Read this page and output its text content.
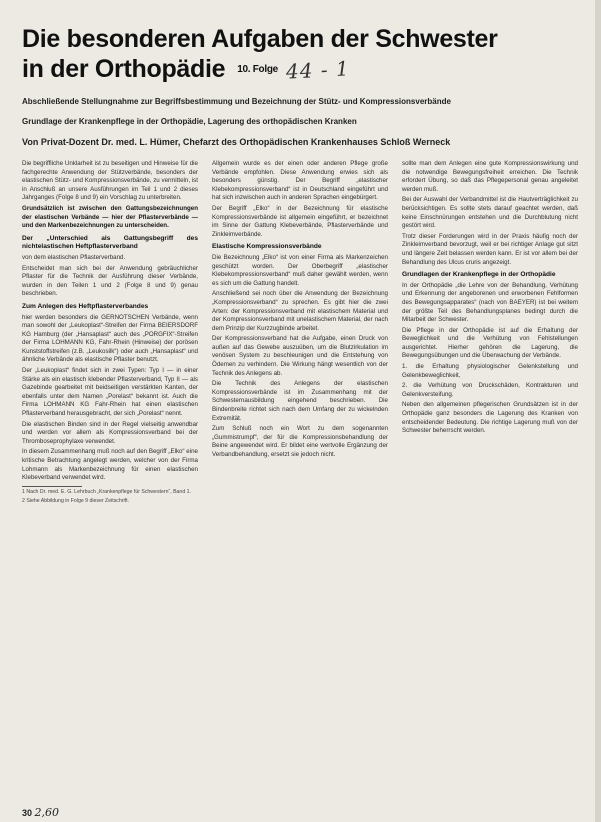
Die besonderen Aufgaben der Schwester
in der Orthopädie 10. Folge 44 - 1
Abschließende Stellungnahme zur Begriffsbestimmung und Bezeichnung der Stütz- und Kompressionsverbände
Grundlage der Krankenpflege in der Orthopädie, Lagerung des orthopädischen Kranken
Von Privat-Dozent Dr. med. L. Hümer, Chefarzt des Orthopädischen Krankenhauses Schloß Werneck

Die begriffliche Unklarheit ist zu beseitigen und Hinweise für die fachgerechte Anwendung der Stützverbände, besonders der elastischen Stütz- und Kompressionsverbände, zu vermitteln, ist in Anschluß an unsere Ausführungen im Teil 1 und 2 dieses Jahrganges (Folge 8 und 9) ein Vorschlag zu unterbreiten.

Grundsätzlich ist zwischen den Gattungsbezeichnungen der elastischen Verbände — hier der Pflasterverbände — und den Markenbezeichnungen zu unterscheiden.

Der „Unterschied als Gattungsbegriff des nichtelastischen Heftpflasterverband

von dem elastischen Pflasterverband.

Entscheidet man sich bei der Anwendung gebräuchlicher Pflaster für die Technik der Ausführung dieser Verbände, wurden in den Teilen 1 und 2 (Folge 8 und 9) genau beschrieben.

Zum Anlegen des Heftpflasterverbandes

hier werden besonders die GERNOTSCHEN Verbände, wenn man sowohl der „Leukoplast“-Streifen der Firma BEIERSDORF KG Hamburg (der „Hansaplast“ auch des „PORGFIX“-Streifen der Firma LOHMANN KG, Fahr-Rhein (Hinweise) der porösen Kunststoffstreifen (z.B. „Leukosilk“) oder auch „Hansaplast“ und ähnliche Verbände als elastische Pflaster benutzt.

Der „Leukoplast“ findet sich in zwei Typen: Typ I — in einer Stärke als ein elastisch klebender Pflasterverband, Typ II — als Gazebinde gearbeitet mit beidseitigen verstärkten Kanten, der ebenfalls unter dem Namen „Porelast“ bekannt ist. Auch die Firma LOHMANN KG Fahr-Rhein hat einen elastischen Pflasterverband herausgebracht, der sich „Porelast“ nennt.

Die elastischen Binden sind in der Regel vielseitig anwendbar und werden vor allem als Kompressionsverband bei der Thromboseprophylaxe verwendet.

In diesem Zusammenhang muß noch auf den Begriff „Elko“ eine kritische Betrachtung angelegt werden, welcher von der Firma Lohmann als Markenbezeichnung für einen elastischen Klebeverband verwendet wird.

1 Nach Dr. med. E. G. Lehrbuch „Krankenpflege für Schwestern“, Band 1.

2 Siehe Abbildung in Folge 9 dieser Zeitschrift.

Allgemein wurde es der einen oder anderen Pflege große Verbände empfohlen. Diese Anwendung erwies sich als besonders günstig. Der Begriff „elastischer Klebekompressionsverband“ ist in Deutschland eingeführt und hat sich inzwischen auch in anderen Sprachen eingebürgert.

Der Begriff „Elko“ in der Bezeichnung für elastische Kompressionsverbände ist allgemein eingeführt, er bezeichnet im Sinne der Gattung Klebeverbände, Pflasterverbände und Zinkleimverbände.

Elastische Kompressionsverbände

Die Bezeichnung „Elko“ ist von einer Firma als Markenzeichen geschützt worden. Der Oberbegriff „elastischer Klebekompressionsverband“ muß daher gewählt werden, wenn es sich um die Gattung handelt.

Anschließend sei noch über die Anwendung der Bezeichnung „Kompressionsverband“ zu sprechen. Es gibt hier die zwei Arten: der Kompressionsverband mit elastischem Material und der Kompressionsverband mit unelastischem Material, der nach dem Prinzip der Kurzzugbinde arbeitet.

Der Kompressionsverband hat die Aufgabe, einen Druck von außen auf das Gewebe auszuüben, um die Blutzirkulation im venösen System zu beschleunigen und die Entstehung von Ödemen zu verhindern. Die Wirkung hängt wesentlich von der Technik des Anlegens ab.

Die Technik des Anlegens der elastischen Kompressionsverbände ist im Zusammenhang mit der Schwesternausbildung eingehend beschrieben. Die Bindenbreite richtet sich nach dem Umfang der zu wickelnden Extremität.

Zum Schluß noch ein Wort zu dem sogenannten „Gummistrumpf“, der für die Kompressionsbehandlung der Beine angewendet wird. Er bildet eine wertvolle Ergänzung der Verbandbehandlung, ersetzt sie jedoch nicht.

sollte man dem Anlegen eine gute Kompressionswirkung und die notwendige Bewegungsfreiheit erreichen. Die Technik erfordert Übung, so daß das Pflegepersonal genau angeleitet werden muß.

Bei der Auswahl der Verbandmittel ist die Hautverträglichkeit zu berücksichtigen. Es sollte stets darauf geachtet werden, daß keine Einschnürungen entstehen und die Durchblutung nicht gestört wird.

Trotz dieser Forderungen wird in der Praxis häufig noch der Zinkleimverband bevorzugt, weil er bei richtiger Anlage gut sitzt und längere Zeit belassen werden kann. Er ist vor allem bei der Behandlung des Ulcus cruris angezeigt.

Grundlagen der Krankenpflege in der Orthopädie

In der Orthopädie „die Lehre von der Behandlung, Verhütung und Erkennung der angeborenen und erworbenen Fehlformen des Bewegungsapparates“ (nach von BAEYER) ist bei weitem der größte Teil des Behandlungsplanes bedingt durch die Mitarbeit der Schwester.

Die Pflege in der Orthopädie ist auf die Erhaltung der Beweglichkeit und die Verhütung von Fehlstellungen ausgerichtet. Hierher gehören die Lagerung, die Bewegungsübungen und die Überwachung der Verbände.

1. die Erhaltung physiologischer Gelenkstellung und Gelenkbeweglichkeit,

2. die Verhütung von Druckschäden, Kontrakturen und Gelenkversteifung.

Neben den allgemeinen pflegerischen Grundsätzen ist in der Orthopädie ganz besonders die Lagerung des Kranken von entscheidender Bedeutung. Die richtige Lagerung muß von der Schwester beherrscht werden.

30 2,60
